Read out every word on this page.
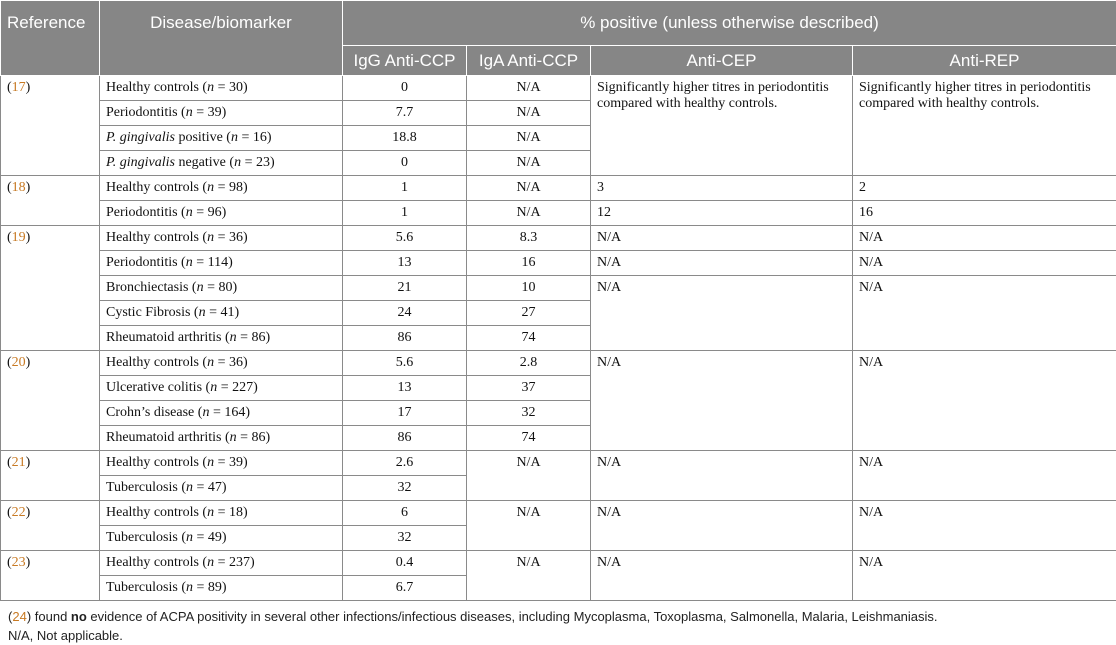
Reference	Disease/biomarker	% positive (unless otherwise described)			
		IgG Anti-CCP	IgA Anti-CCP	Anti-CEP	Anti-REP
(17)	Healthy controls (n = 30)	0	N/A	Significantly higher titres in periodontitis compared with healthy controls.	Significantly higher titres in periodontitis compared with healthy controls.
	Periodontitis (n = 39)	7.7	N/A		
	P. gingivalis positive (n = 16)	18.8	N/A		
	P. gingivalis negative (n = 23)	0	N/A		
(18)	Healthy controls (n = 98)	1	N/A	3	2
	Periodontitis (n = 96)	1	N/A	12	16
(19)	Healthy controls (n = 36)	5.6	8.3	N/A	N/A
	Periodontitis (n = 114)	13	16	N/A	N/A
	Bronchiectasis (n = 80)	21	10	N/A	N/A
	Cystic Fibrosis (n = 41)	24	27		
	Rheumatoid arthritis (n = 86)	86	74		
(20)	Healthy controls (n = 36)	5.6	2.8	N/A	N/A
	Ulcerative colitis (n = 227)	13	37		
	Crohn’s disease (n = 164)	17	32		
	Rheumatoid arthritis (n = 86)	86	74		
(21)	Healthy controls (n = 39)	2.6	N/A	N/A	N/A
	Tuberculosis (n = 47)	32			
(22)	Healthy controls (n = 18)	6	N/A	N/A	N/A
	Tuberculosis (n = 49)	32			
(23)	Healthy controls (n = 237)	0.4	N/A	N/A	N/A
	Tuberculosis (n = 89)	6.7			
(24) found no evidence of ACPA positivity in several other infections/infectious diseases, including Mycoplasma, Toxoplasma, Salmonella, Malaria, Leishmaniasis.
N/A, Not applicable.
